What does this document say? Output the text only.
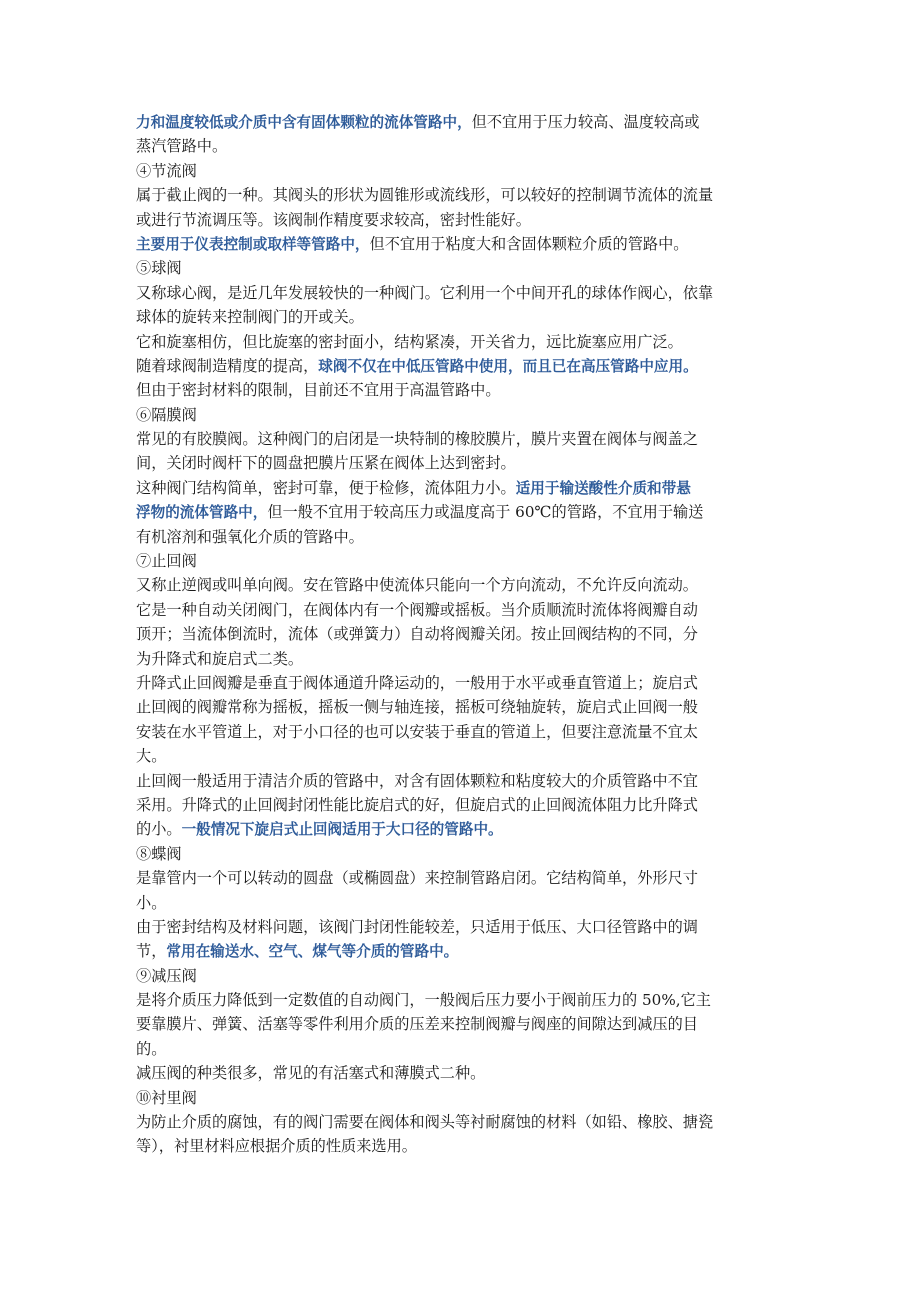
力和温度较低或介质中含有固体颗粒的流体管路中，但不宜用于压力较高、温度较高或
蒸汽管路中。
④节流阀
属于截止阀的一种。其阀头的形状为圆锥形或流线形，可以较好的控制调节流体的流量
或进行节流调压等。该阀制作精度要求较高，密封性能好。
主要用于仪表控制或取样等管路中，但不宜用于粘度大和含固体颗粒介质的管路中。
⑤球阀
又称球心阀，是近几年发展较快的一种阀门。它利用一个中间开孔的球体作阀心，依靠
球体的旋转来控制阀门的开或关。
它和旋塞相仿，但比旋塞的密封面小，结构紧凑，开关省力，远比旋塞应用广泛。
随着球阀制造精度的提高，球阀不仅在中低压管路中使用，而且已在高压管路中应用。
但由于密封材料的限制，目前还不宜用于高温管路中。
⑥隔膜阀
常见的有胶膜阀。这种阀门的启闭是一块特制的橡胶膜片，膜片夹置在阀体与阀盖之
间，关闭时阀杆下的圆盘把膜片压紧在阀体上达到密封。
这种阀门结构简单，密封可靠，便于检修，流体阻力小。适用于输送酸性介质和带悬
浮物的流体管路中，但一般不宜用于较高压力或温度高于 60℃的管路，不宜用于输送
有机溶剂和强氧化介质的管路中。
⑦止回阀
又称止逆阀或叫单向阀。安在管路中使流体只能向一个方向流动，不允许反向流动。
它是一种自动关闭阀门，在阀体内有一个阀瓣或摇板。当介质顺流时流体将阀瓣自动
顶开；当流体倒流时，流体（或弹簧力）自动将阀瓣关闭。按止回阀结构的不同，分
为升降式和旋启式二类。
升降式止回阀瓣是垂直于阀体通道升降运动的，一般用于水平或垂直管道上；旋启式
止回阀的阀瓣常称为摇板，摇板一侧与轴连接，摇板可绕轴旋转，旋启式止回阀一般
安装在水平管道上，对于小口径的也可以安装于垂直的管道上，但要注意流量不宜太
大。
止回阀一般适用于清洁介质的管路中，对含有固体颗粒和粘度较大的介质管路中不宜
采用。升降式的止回阀封闭性能比旋启式的好，但旋启式的止回阀流体阻力比升降式
的小。一般情况下旋启式止回阀适用于大口径的管路中。
⑧蝶阀
是靠管内一个可以转动的圆盘（或椭圆盘）来控制管路启闭。它结构简单，外形尺寸
小。
由于密封结构及材料问题，该阀门封闭性能较差，只适用于低压、大口径管路中的调
节，常用在输送水、空气、煤气等介质的管路中。
⑨减压阀
是将介质压力降低到一定数值的自动阀门，一般阀后压力要小于阀前压力的 50%,它主
要靠膜片、弹簧、活塞等零件利用介质的压差来控制阀瓣与阀座的间隙达到减压的目
的。
减压阀的种类很多，常见的有活塞式和薄膜式二种。
⑩衬里阀
为防止介质的腐蚀，有的阀门需要在阀体和阀头等衬耐腐蚀的材料（如铅、橡胶、搪瓷
等），衬里材料应根据介质的性质来选用。
